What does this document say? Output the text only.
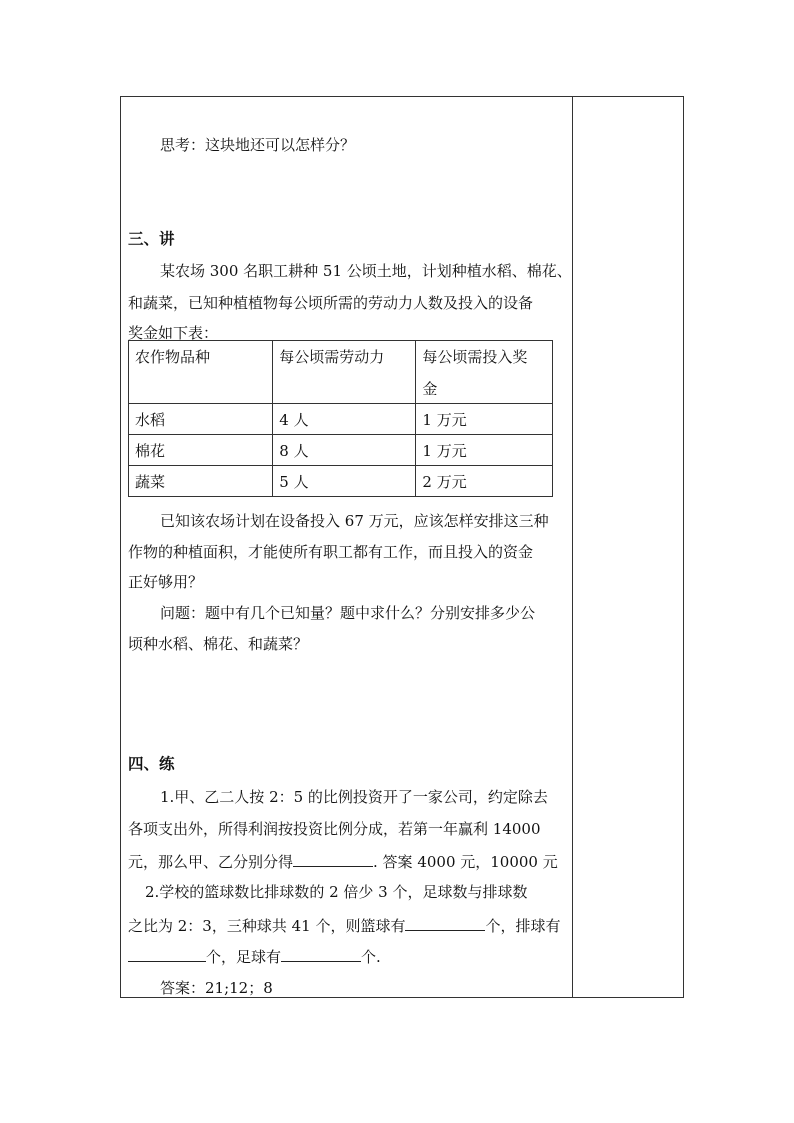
思考：这块地还可以怎样分？
三、讲
某农场 300 名职工耕种 51 公顷土地，计划种植水稻、棉花、
和蔬菜，已知种植植物每公顷所需的劳动力人数及投入的设备
奖金如下表：
农作物品种	每公顷需劳动力	每公顷需投入奖
金
水稻	4 人	1 万元
棉花	8 人	1 万元
蔬菜	5 人	2 万元
已知该农场计划在设备投入 67 万元，应该怎样安排这三种
作物的种植面积，才能使所有职工都有工作，而且投入的资金
正好够用？
问题：题中有几个已知量？题中求什么？分别安排多少公
顷种水稻、棉花、和蔬菜？
四、练
1.甲、乙二人按 2：5 的比例投资开了一家公司，约定除去
各项支出外，所得利润按投资比例分成，若第一年赢利 14000
元，那么甲、乙分别分得	. 答案 4000 元，10000 元
2.学校的篮球数比排球数的 2 倍少 3 个，足球数与排球数
之比为 2：3，三种球共 41 个，则篮球有	个，排球有
个，足球有	个.
答案：21;12；8
